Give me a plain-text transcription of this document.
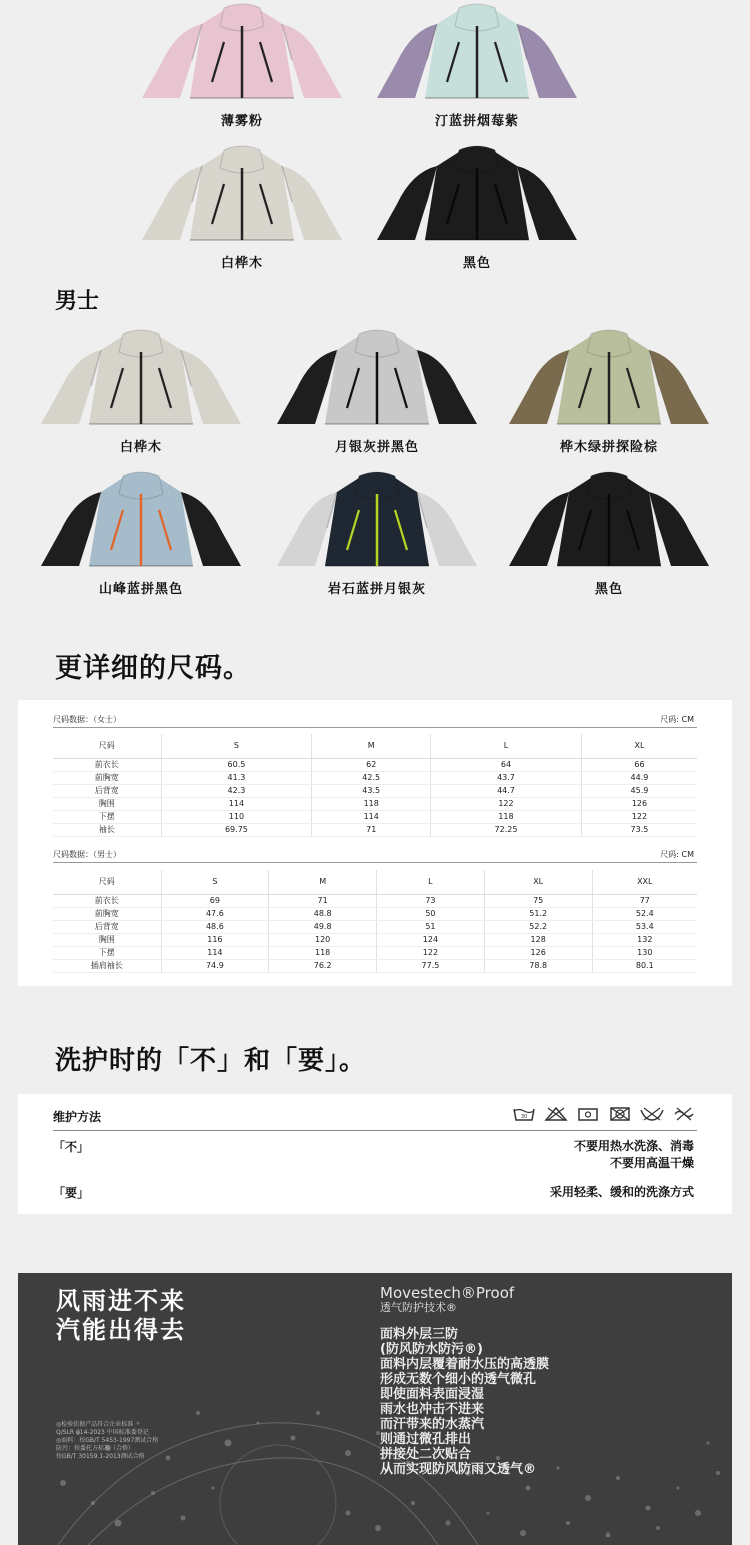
薄雾粉	汀蓝拼烟莓紫
白桦木	黑色
男士
白桦木	月银灰拼黑色	桦木绿拼探险棕
山峰蓝拼黑色	岩石蓝拼月银灰	黑色
更详细的尺码。
尺码数据：（女士）	尺码: CM
尺码	S	M	L	XL
前衣长	60.5	62	64	66
前胸宽	41.3	42.5	43.7	44.9
后背宽	42.3	43.5	44.7	45.9
胸围	114	118	122	126
下摆	110	114	118	122
袖长	69.75	71	72.25	73.5
尺码数据：（男士）	尺码: CM
尺码	S	M	L	XL	XXL
前衣长	69	71	73	75	77
前胸宽	47.6	48.8	50	51.2	52.4
后背宽	48.6	49.8	51	52.2	53.4
胸围	116	120	124	128	132
下摆	114	118	122	126	130
插肩袖长	74.9	76.2	77.5	78.8	80.1
洗护时的「不」和「要」。
维护方法	30
「不」	不要用热水洗涤、消毒
不要用高温干燥
「要」	采用轻柔、缓和的洗涤方式
风雨进不来
汽能出得去
Movestech®Proof
透气防护技术®
面料外层三防
(防风防水防污®)
面料内层覆着耐水压的高透膜
形成无数个细小的透气微孔
即使面料表面浸湿
雨水也冲击不进来
而汗带来的水蒸汽
则通过微孔排出
拼接处二次贴合
从而实现防风防雨又透气®
◎检验依据产品符合企业标准
Q/SLR 014-2023 中国标准委登记
◎面料：按GB/T 5453-1997测试合格
防污：按委托方标准（合格）
按GB/T 30159.1-2013测试合格
